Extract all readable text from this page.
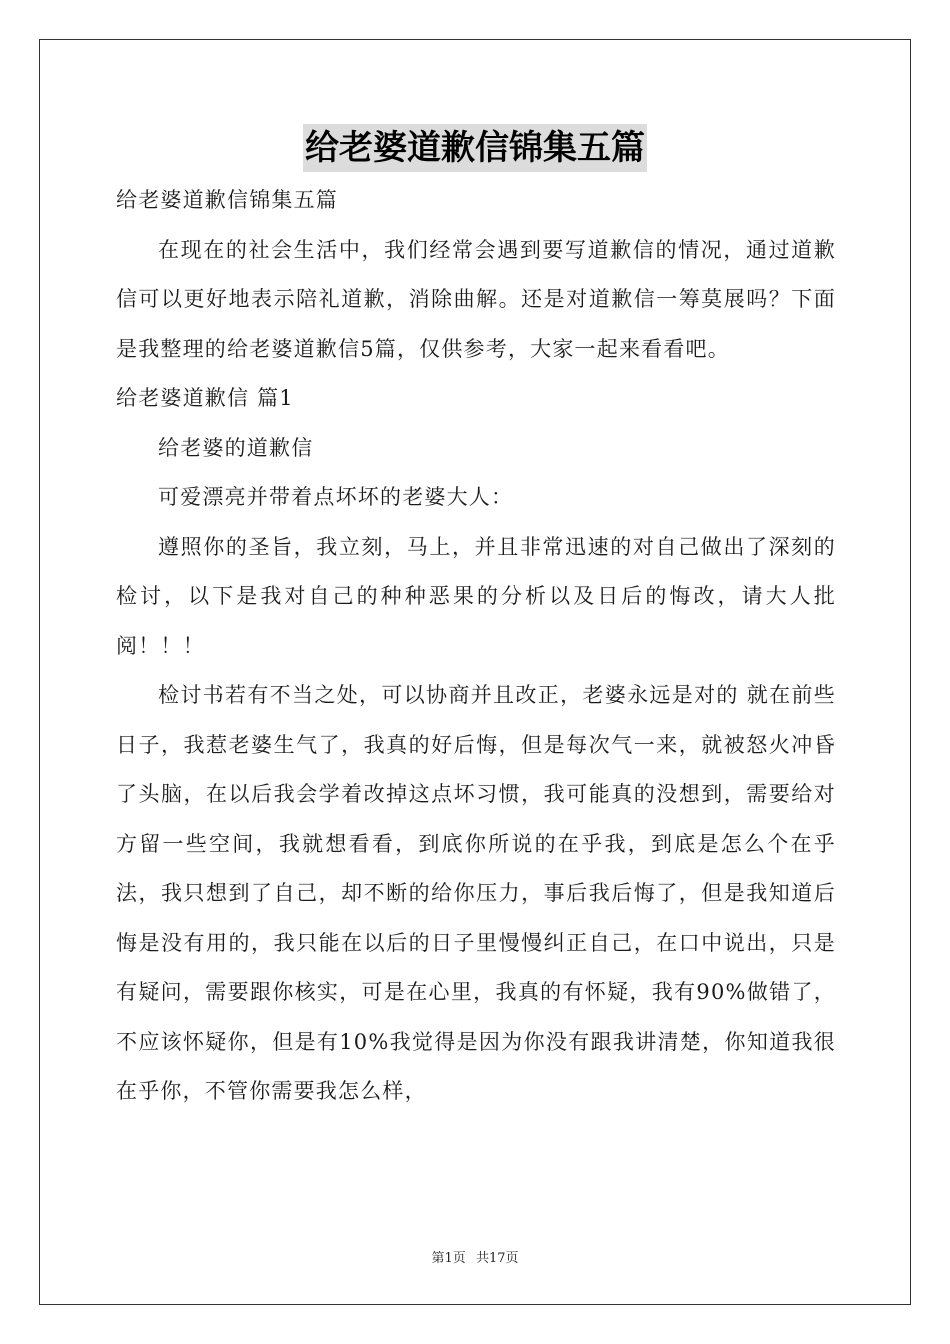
给老婆道歉信锦集五篇

给老婆道歉信锦集五篇

在现在的社会生活中，我们经常会遇到要写道歉信的情况，通过道歉信可以更好地表示陪礼道歉，消除曲解。还是对道歉信一筹莫展吗？下面是我整理的给老婆道歉信5篇，仅供参考，大家一起来看看吧。

给老婆道歉信 篇1

给老婆的道歉信

可爱漂亮并带着点坏坏的老婆大人：

遵照你的圣旨，我立刻，马上，并且非常迅速的对自己做出了深刻的检讨，以下是我对自己的种种恶果的分析以及日后的悔改，请大人批阅！！！

检讨书若有不当之处，可以协商并且改正，老婆永远是对的 就在前些日子，我惹老婆生气了，我真的好后悔，但是每次气一来，就被怒火冲昏了头脑，在以后我会学着改掉这点坏习惯，我可能真的没想到，需要给对方留一些空间，我就想看看，到底你所说的在乎我，到底是怎么个在乎法，我只想到了自己，却不断的给你压力，事后我后悔了，但是我知道后悔是没有用的，我只能在以后的日子里慢慢纠正自己，在口中说出，只是有疑问，需要跟你核实，可是在心里，我真的有怀疑，我有90%做错了，不应该怀疑你，但是有10%我觉得是因为你没有跟我讲清楚，你知道我很在乎你，不管你需要我怎么样，

第1页 共17页
